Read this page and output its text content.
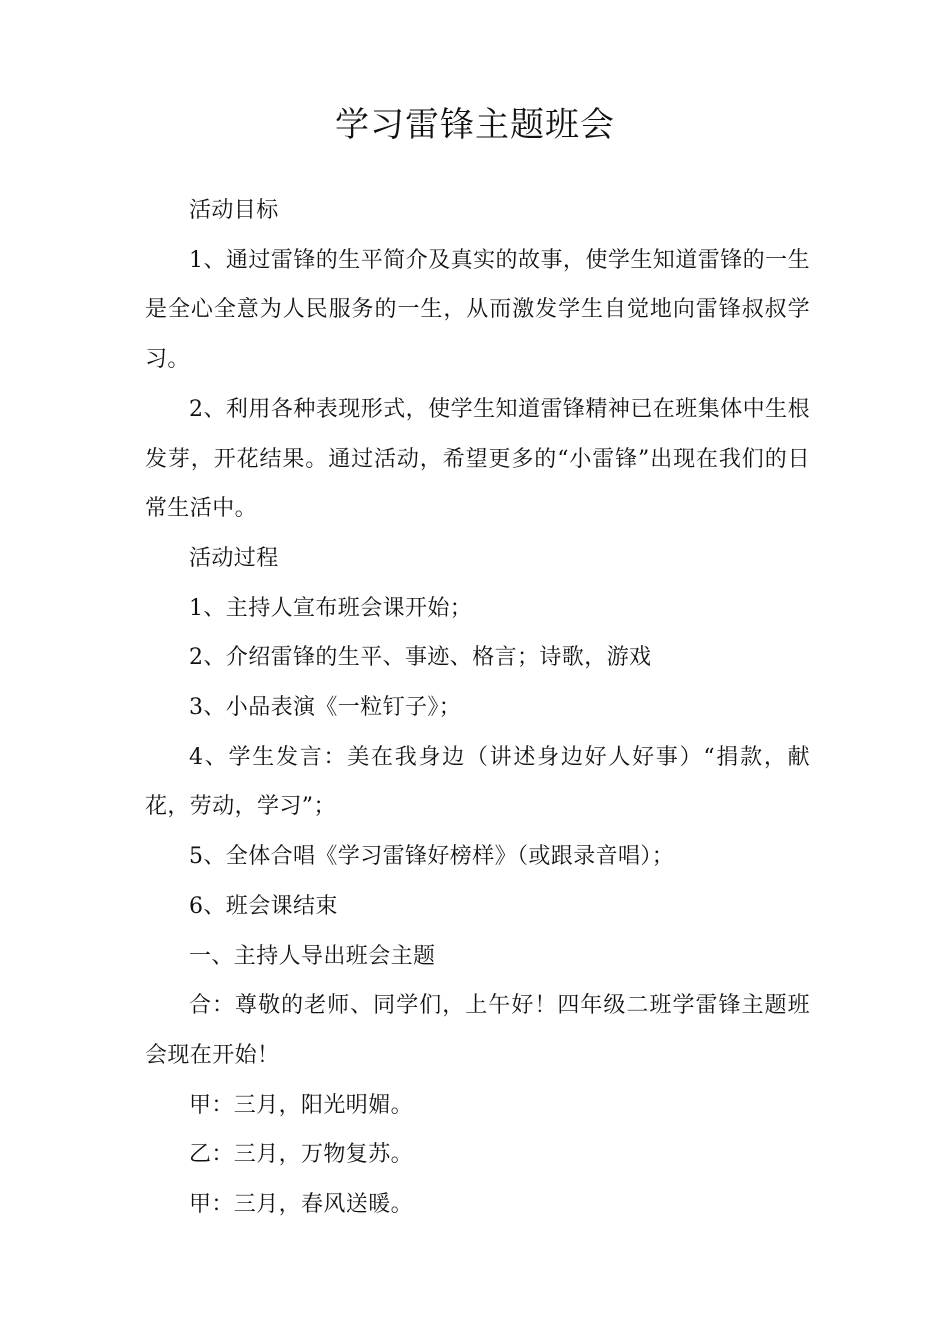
学习雷锋主题班会

活动目标

1、通过雷锋的生平简介及真实的故事，使学生知道雷锋的一生是全心全意为人民服务的一生，从而激发学生自觉地向雷锋叔叔学习。

2、利用各种表现形式，使学生知道雷锋精神已在班集体中生根发芽，开花结果。通过活动，希望更多的“小雷锋”出现在我们的日常生活中。

活动过程

1、主持人宣布班会课开始；

2、介绍雷锋的生平、事迹、格言；诗歌，游戏

3、小品表演《一粒钉子》；

4、学生发言：美在我身边（讲述身边好人好事）“捐款，献花，劳动，学习”；

5、全体合唱《学习雷锋好榜样》（或跟录音唱）；

6、班会课结束

一、主持人导出班会主题

合：尊敬的老师、同学们，上午好！四年级二班学雷锋主题班会现在开始！

甲：三月，阳光明媚。

乙：三月，万物复苏。

甲：三月，春风送暖。
